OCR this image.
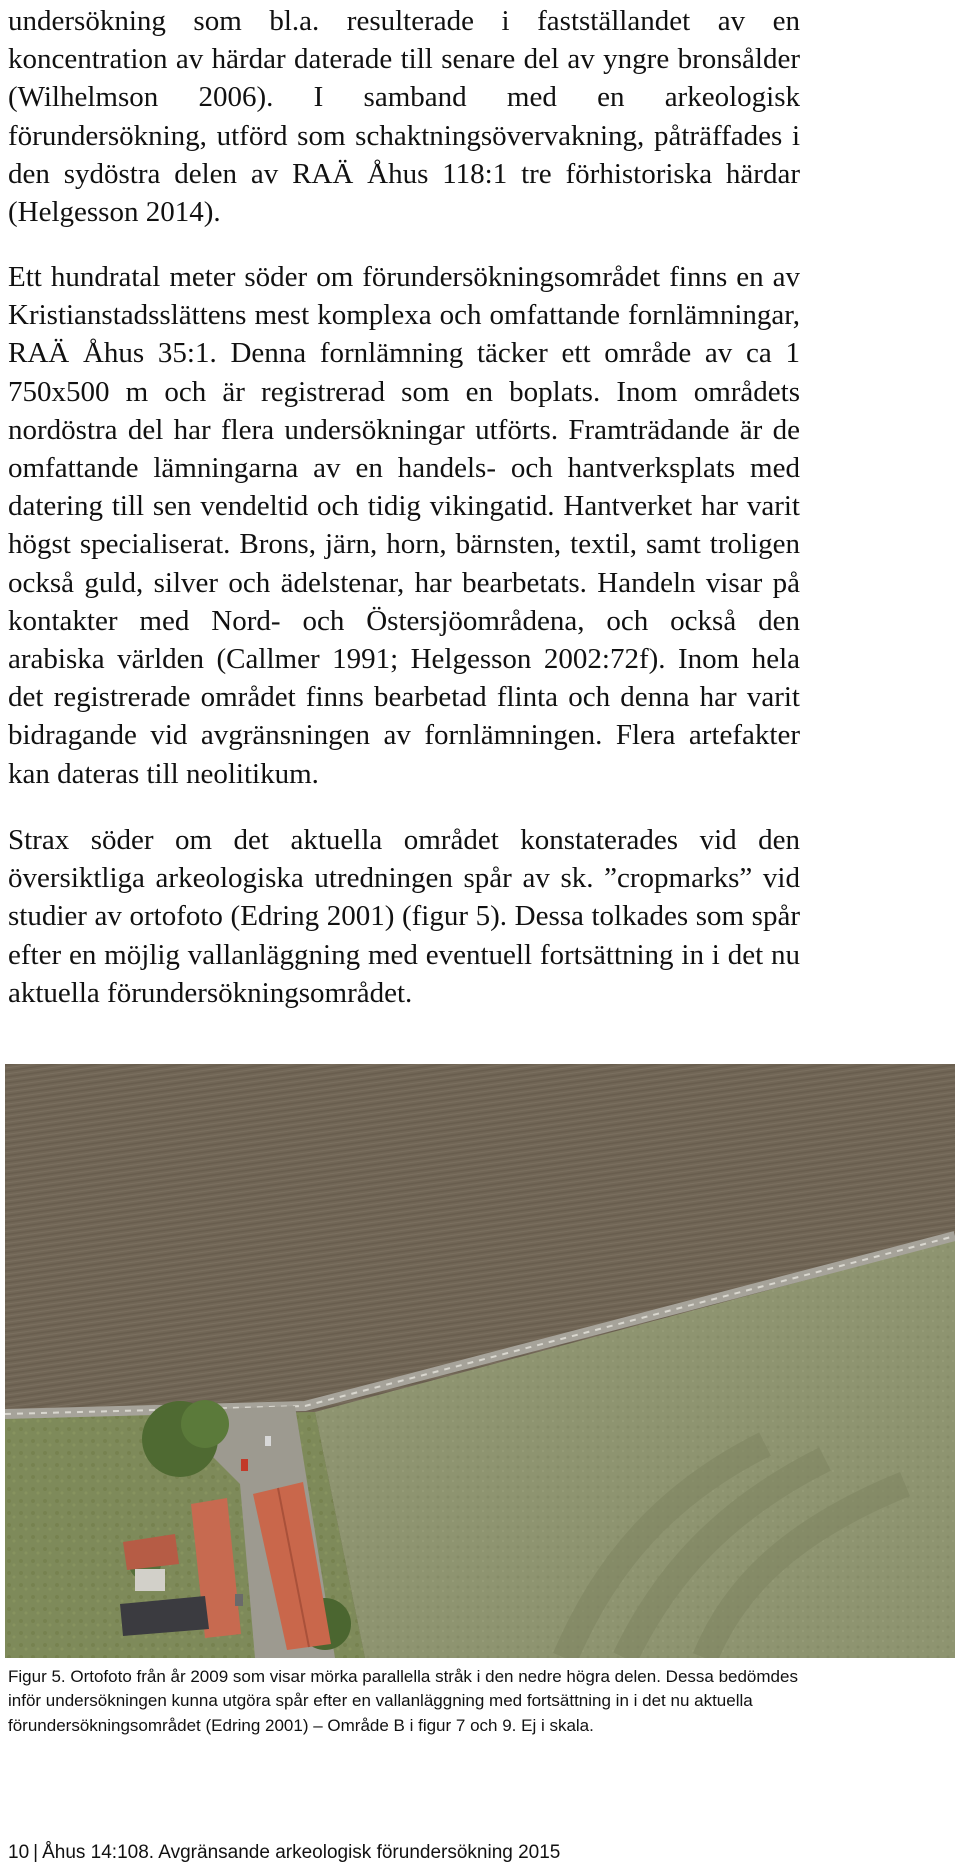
undersökning som bl.a. resulterade i fastställandet av en koncentration av härdar daterade till senare del av yngre bronsålder (Wilhelmson 2006). I samband med en arkeologisk förundersökning, utförd som schaktningsövervakning, påträffades i den sydöstra delen av RAÄ Åhus 118:1 tre förhistoriska härdar (Helgesson 2014).

Ett hundratal meter söder om förundersökningsområdet finns en av Kristianstadsslättens mest komplexa och omfattande fornlämningar, RAÄ Åhus 35:1. Denna fornlämning täcker ett område av ca 1 750x500 m och är registrerad som en boplats. Inom områdets nordöstra del har flera undersökningar utförts. Framträdande är de omfattande lämningarna av en handels- och hantverksplats med datering till sen vendeltid och tidig vikingatid. Hantverket har varit högst specialiserat. Brons, järn, horn, bärnsten, textil, samt troligen också guld, silver och ädelstenar, har bearbetats. Handeln visar på kontakter med Nord- och Östersjöområdena, och också den arabiska världen (Callmer 1991; Helgesson 2002:72f). Inom hela det registrerade området finns bearbetad flinta och denna har varit bidragande vid avgränsningen av fornlämningen. Flera artefakter kan dateras till neolitikum.

Strax söder om det aktuella området konstaterades vid den översiktliga arkeologiska utredningen spår av sk. ”cropmarks” vid studier av ortofoto (Edring 2001) (figur 5). Dessa tolkades som spår efter en möjlig vallanläggning med eventuell fortsättning in i det nu aktuella förundersökningsområdet.

Figur 5. Ortofoto från år 2009 som visar mörka parallella stråk i den nedre högra delen. Dessa bedömdes inför undersökningen kunna utgöra spår efter en vallanläggning med fortsättning in i det nu aktuella förundersökningsområdet (Edring 2001) – Område B i figur 7 och 9. Ej i skala.

10 | Åhus 14:108. Avgränsande arkeologisk förundersökning 2015
